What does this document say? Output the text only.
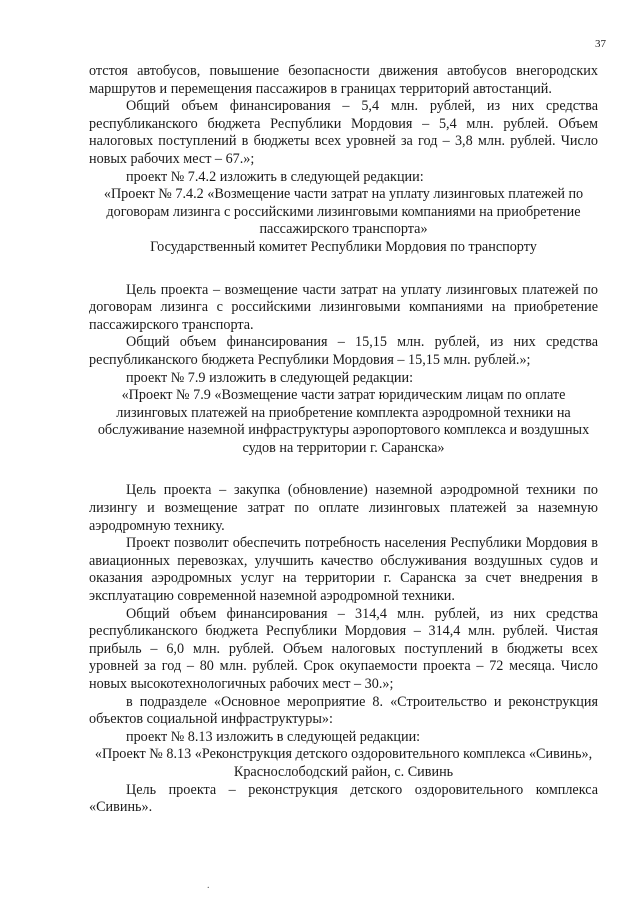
37

отстоя автобусов, повышение безопасности движения автобусов внегородских маршрутов и перемещения пассажиров в границах территорий автостанций.

Общий объем финансирования – 5,4 млн. рублей, из них средства республиканского бюджета Республики Мордовия – 5,4 млн. рублей. Объем налоговых поступлений в бюджеты всех уровней за год – 3,8 млн. рублей. Число новых рабочих мест – 67.»;

проект № 7.4.2 изложить в следующей редакции:

«Проект № 7.4.2 «Возмещение части затрат на уплату лизинговых платежей по договорам лизинга с российскими лизинговыми компаниями на приобретение пассажирского транспорта»

Государственный комитет Республики Мордовия по транспорту

Цель проекта – возмещение части затрат на уплату лизинговых платежей по договорам лизинга с российскими лизинговыми компаниями на приобретение пассажирского транспорта.

Общий объем финансирования – 15,15 млн. рублей, из них средства республиканского бюджета Республики Мордовия – 15,15 млн. рублей.»;

проект № 7.9 изложить в следующей редакции:

«Проект № 7.9 «Возмещение части затрат юридическим лицам по оплате лизинговых платежей на приобретение комплекта аэродромной техники на обслуживание наземной инфраструктуры аэропортового комплекса и воздушных судов на территории г. Саранска»

Цель проекта – закупка (обновление) наземной аэродромной техники по лизингу и возмещение затрат по оплате лизинговых платежей за наземную аэродромную технику.

Проект позволит обеспечить потребность населения Республики Мордовия в авиационных перевозках, улучшить качество обслуживания воздушных судов и оказания аэродромных услуг на территории г. Саранска за счет внедрения в эксплуатацию современной наземной аэродромной техники.

Общий объем финансирования – 314,4 млн. рублей, из них средства республиканского бюджета Республики Мордовия – 314,4 млн. рублей. Чистая прибыль – 6,0 млн. рублей. Объем налоговых поступлений в бюджеты всех уровней за год – 80 млн. рублей. Срок окупаемости проекта – 72 месяца. Число новых высокотехнологичных рабочих мест – 30.»;

в подразделе «Основное мероприятие 8. «Строительство и реконструкция объектов социальной инфраструктуры»:

проект № 8.13 изложить в следующей редакции:

«Проект № 8.13 «Реконструкция детского оздоровительного комплекса «Сивинь», Краснослободский район, с. Сивинь

Цель проекта – реконструкция детского оздоровительного комплекса «Сивинь».

.
